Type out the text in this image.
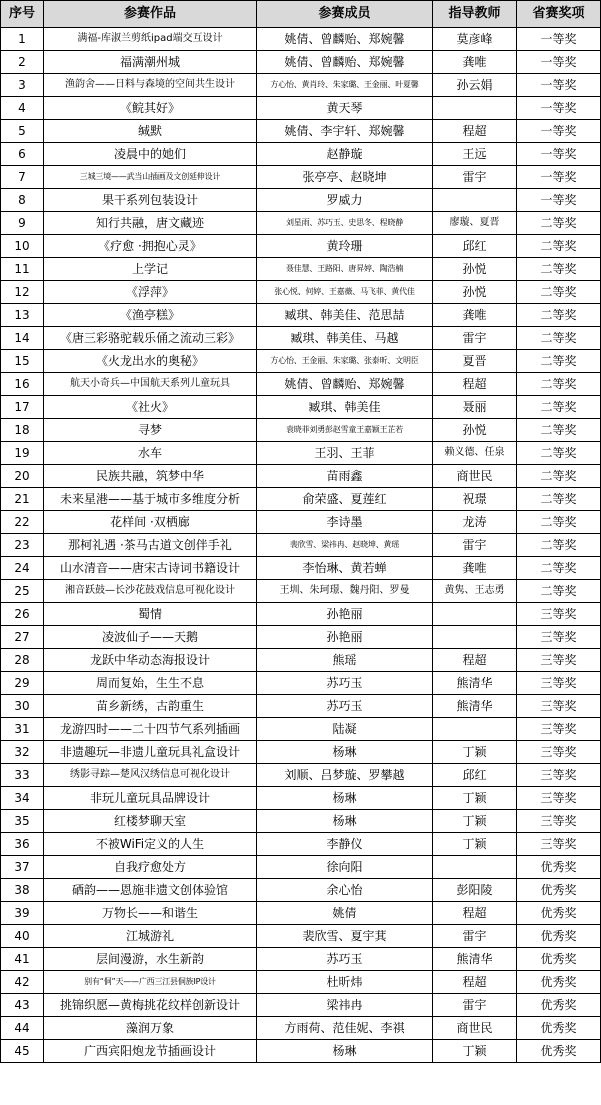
序号	参赛作品	参赛成员	指导教师	省赛奖项
1	满福-库淑兰剪纸ipad端交互设计	姚倩、曾麟贻、郑婉馨	莫彦峰	一等奖
2	福满潮州城	姚倩、曾麟贻、郑婉馨	龚唯	一等奖
3	渔韵舍——日料与森境的空间共生设计	方心怡、黄肖玲、朱家璐、王金丽、叶夏馨	孙云娟	一等奖
4	《鲩其好》	黄天琴		一等奖
5	缄默	姚倩、李宇轩、郑婉馨	程超	一等奖
6	凌晨中的她们	赵静璇	王远	一等奖
7	三城三境——武当山插画及文创延伸设计	张亭亭、赵晓坤	雷宇	一等奖
8	果干系列包装设计	罗威力		一等奖
9	知行共融，唐文藏迹	刘星雨、苏巧玉、史思冬、程晓静	廖璇、夏晋	二等奖
10	《疗愈 ·拥抱心灵》	黄玲珊	邱红	二等奖
11	上学记	聂佳慧、王路阳、唐昇婷、陶浩楠	孙悦	二等奖
12	《浮萍》	张心悦、何婷、王嘉薇、马飞菲、黄代佳	孙悦	二等奖
13	《渔亭糕》	臧琪、韩美佳、范思喆	龚唯	二等奖
14	《唐三彩骆驼载乐俑之流动三彩》	臧琪、韩美佳、马越	雷宇	二等奖
15	《火龙出水的奥秘》	方心怡、王金丽、朱家璐、张泰昕、文明臣	夏晋	二等奖
16	航天小奇兵—中国航天系列儿童玩具	姚倩、曾麟贻、郑婉馨	程超	二等奖
17	《社火》	臧琪、韩美佳	聂丽	二等奖
18	寻梦	袁晓菲刘勇彭赵雪童王嘉颖王芷若	孙悦	二等奖
19	水车	王羽、王菲	赖义德、任泉	二等奖
20	民族共融，筑梦中华	苗雨鑫	商世民	二等奖
21	未来星港——基于城市多维度分析	俞荣盛、夏莲红	祝璟	二等奖
22	花样间 ·双栖廊	李诗墨	龙涛	二等奖
23	那柯礼遇 ·茶马古道文创伴手礼	裴欣雪、梁祎冉、赵晓坤、黄瑶	雷宇	二等奖
24	山水清音——唐宋古诗词书籍设计	李怡琳、黄若蝉	龚唯	二等奖
25	湘音跃鼓—长沙花鼓戏信息可视化设计	王圳、朱珂璟、魏丹阳、罗曼	黄隽、王志勇	二等奖
26	蜀情	孙艳丽		三等奖
27	凌波仙子——天鹅	孙艳丽		三等奖
28	龙跃中华动态海报设计	熊瑶	程超	三等奖
29	周而复始，生生不息	苏巧玉	熊清华	三等奖
30	苗乡新绣，古韵重生	苏巧玉	熊清华	三等奖
31	龙游四时——二十四节气系列插画	陆凝		三等奖
32	非遗趣玩—非遗儿童玩具礼盒设计	杨琳	丁颖	三等奖
33	绣影寻踪—楚风汉绣信息可视化设计	刘顺、吕梦璇、罗攀越	邱红	三等奖
34	非玩儿童玩具品牌设计	杨琳	丁颖	三等奖
35	红楼梦聊天室	杨琳	丁颖	三等奖
36	不被WiFi定义的人生	李静仪	丁颖	三等奖
37	自我疗愈处方	徐向阳		优秀奖
38	硒韵——恩施非遗文创体验馆	余心怡	彭阳陵	优秀奖
39	万物长——和谐生	姚倩	程超	优秀奖
40	江城游礼	裴欣雪、夏宇萁	雷宇	优秀奖
41	层间漫游，水生新韵	苏巧玉	熊清华	优秀奖
42	别有“侗”天——广西三江县侗族IP设计	杜昕炜	程超	优秀奖
43	挑锦织愿—黄梅挑花纹样创新设计	梁祎冉	雷宇	优秀奖
44	藻润万象	方雨荷、范佳妮、李祺	商世民	优秀奖
45	广西宾阳炮龙节插画设计	杨琳	丁颖	优秀奖
